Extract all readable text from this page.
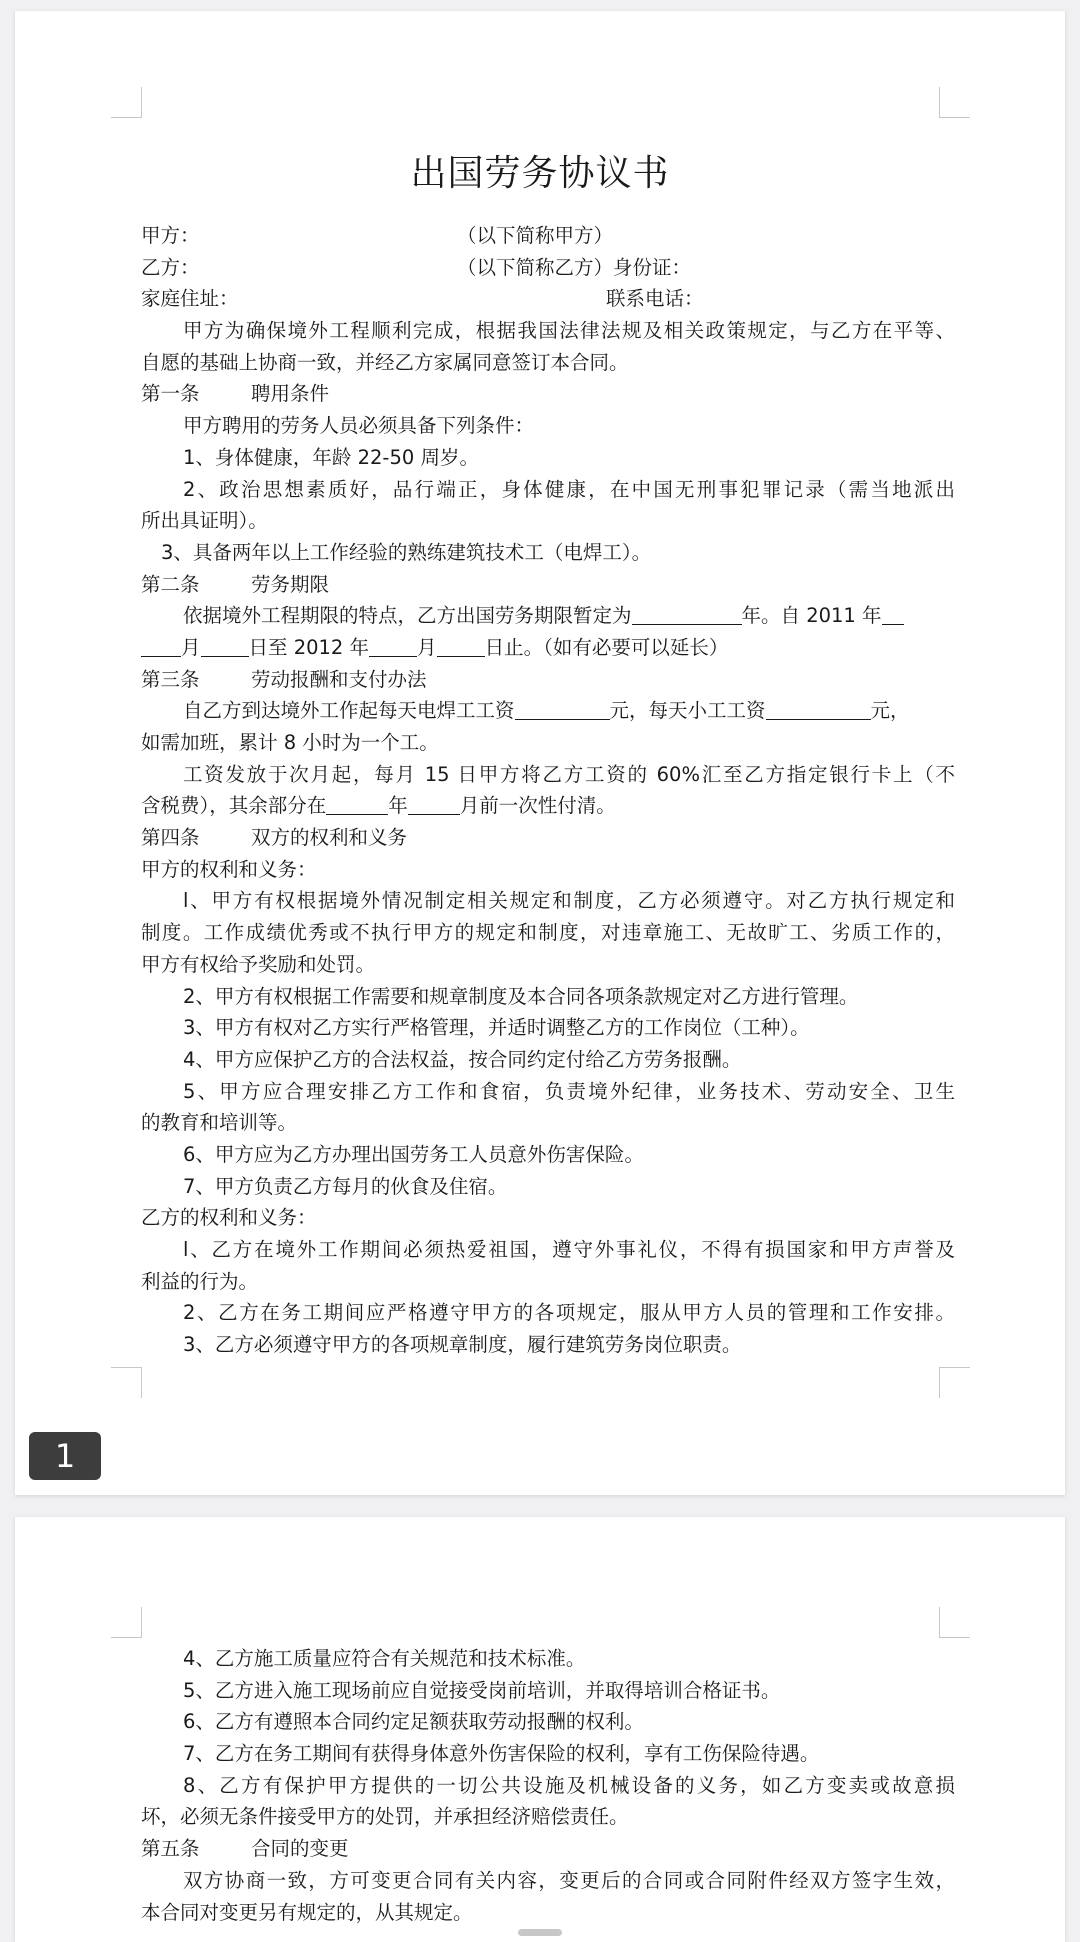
出国劳务协议书
甲方：	（以下简称甲方）
乙方：	（以下简称乙方）身份证：
家庭住址：	联系电话：
甲方为确保境外工程顺利完成，根据我国法律法规及相关政策规定，与乙方在平等、
自愿的基础上协商一致，并经乙方家属同意签订本合同。
第一条	聘用条件
甲方聘用的劳务人员必须具备下列条件：
1、身体健康，年龄 22-50 周岁。
2、政治思想素质好，品行端正，身体健康，在中国无刑事犯罪记录（需当地派出
所出具证明）。
3、具备两年以上工作经验的熟练建筑技术工（电焊工）。
第二条	劳务期限
依据境外工程期限的特点，乙方出国劳务期限暂定为	年。自 2011 年
月 日至 2012 年 月 日止。（如有必要可以延长）
第三条	劳动报酬和支付办法
自乙方到达境外工作起每天电焊工工资	元，每天小工工资	元，
如需加班，累计 8 小时为一个工。
工资发放于次月起，每月 15 日甲方将乙方工资的 60%汇至乙方指定银行卡上（不
含税费），其余部分在	年	月前一次性付清。
第四条	双方的权利和义务
甲方的权利和义务：
l、甲方有权根据境外情况制定相关规定和制度，乙方必须遵守。对乙方执行规定和
制度。工作成绩优秀或不执行甲方的规定和制度，对违章施工、无故旷工、劣质工作的，
甲方有权给予奖励和处罚。
2、甲方有权根据工作需要和规章制度及本合同各项条款规定对乙方进行管理。
3、甲方有权对乙方实行严格管理，并适时调整乙方的工作岗位（工种）。
4、甲方应保护乙方的合法权益，按合同约定付给乙方劳务报酬。
5、甲方应合理安排乙方工作和食宿，负责境外纪律，业务技术、劳动安全、卫生
的教育和培训等。
6、甲方应为乙方办理出国劳务工人员意外伤害保险。
7、甲方负责乙方每月的伙食及住宿。
乙方的权利和义务：
l、乙方在境外工作期间必须热爱祖国，遵守外事礼仪，不得有损国家和甲方声誉及
利益的行为。
2、乙方在务工期间应严格遵守甲方的各项规定，服从甲方人员的管理和工作安排。
3、乙方必须遵守甲方的各项规章制度，履行建筑劳务岗位职责。
1
4、乙方施工质量应符合有关规范和技术标准。
5、乙方进入施工现场前应自觉接受岗前培训，并取得培训合格证书。
6、乙方有遵照本合同约定足额获取劳动报酬的权利。
7、乙方在务工期间有获得身体意外伤害保险的权利，享有工伤保险待遇。
8、乙方有保护甲方提供的一切公共设施及机械设备的义务，如乙方变卖或故意损
坏，必须无条件接受甲方的处罚，并承担经济赔偿责任。
第五条	合同的变更
双方协商一致，方可变更合同有关内容，变更后的合同或合同附件经双方签字生效，
本合同对变更另有规定的，从其规定。
